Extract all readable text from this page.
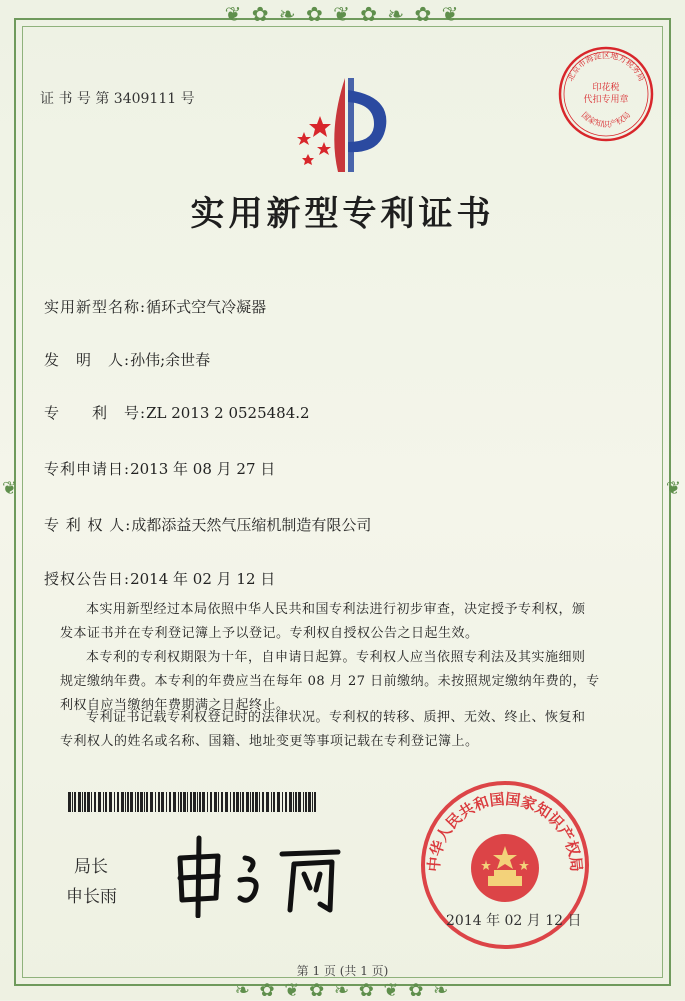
❦ ✿ ❧ ✿ ❦ ✿ ❧ ✿ ❦
❧ ✿ ❦ ✿ ❧ ✿ ❦ ✿ ❧
❦	❦
证 书 号 第 3409111 号
北京市海淀区地方税务局
印花税
代扣专用章
国家知识产权局
实用新型专利证书
实用新型名称:循环式空气冷凝器
发　明　人:孙伟;余世春
专　　利　号:ZL 2013 2 0525484.2
专利申请日:2013 年 08 月 27 日
专 利 权 人:成都添益天然气压缩机制造有限公司
授权公告日:2014 年 02 月 12 日
本实用新型经过本局依照中华人民共和国专利法进行初步审查，决定授予专利权，颁
发本证书并在专利登记簿上予以登记。专利权自授权公告之日起生效。
本专利的专利权期限为十年，自申请日起算。专利权人应当依照专利法及其实施细则
规定缴纳年费。本专利的年费应当在每年 08 月 27 日前缴纳。未按照规定缴纳年费的，专
利权自应当缴纳年费期满之日起终止。
专利证书记载专利权登记时的法律状况。专利权的转移、质押、无效、终止、恢复和
专利权人的姓名或名称、国籍、地址变更等事项记载在专利登记簿上。
局长
申长雨
中华人民共和国国家知识产权局
2014 年 02 月 12 日
第 1 页 (共 1 页)
